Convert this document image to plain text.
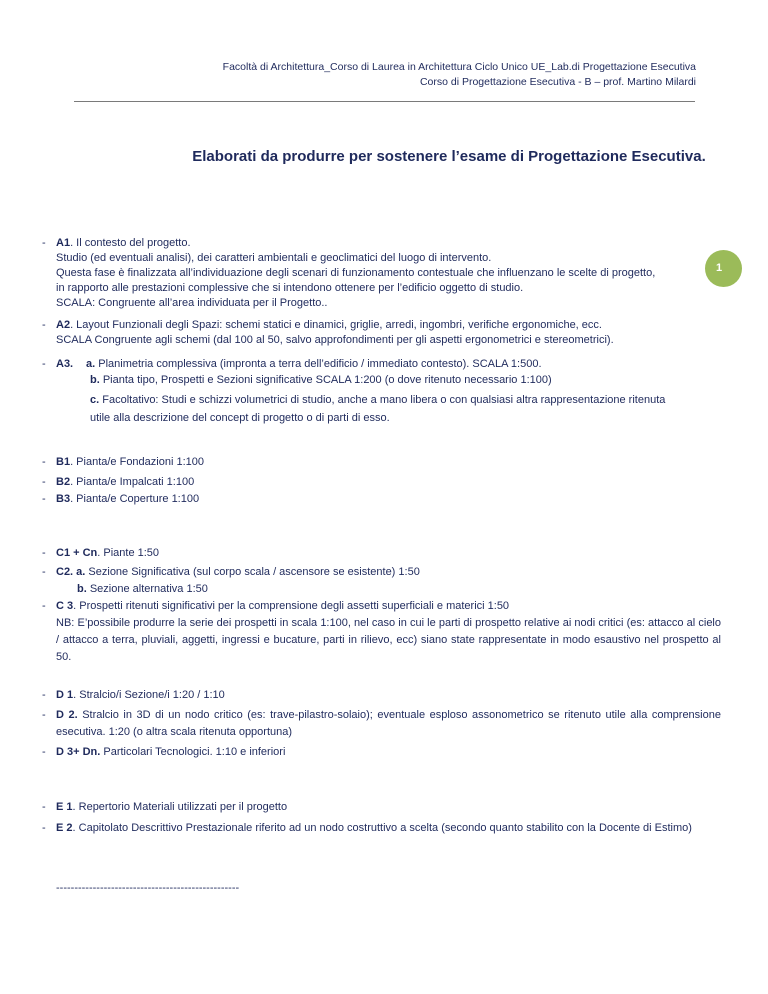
Facoltà di Architettura_Corso di Laurea in Architettura Ciclo Unico UE_Lab.di Progettazione Esecutiva
Corso di Progettazione Esecutiva - B – prof. Martino Milardi
Elaborati da produrre per sostenere l’esame di Progettazione Esecutiva.
1
- A1. Il contesto del progetto.
Studio (ed eventuali analisi), dei caratteri ambientali e geoclimatici del luogo di intervento.
Questa fase è finalizzata all’individuazione degli scenari di funzionamento contestuale che influenzano le scelte di progetto,
in rapporto alle prestazioni complessive che si intendono ottenere per l’edificio oggetto di studio.
SCALA: Congruente all’area individuata per il Progetto..
- A2. Layout Funzionali degli Spazi: schemi statici e dinamici, griglie, arredi, ingombri, verifiche ergonomiche, ecc.
SCALA Congruente agli schemi (dal 100 al 50, salvo approfondimenti per gli aspetti ergonometrici e stereometrici).
- A3. a. Planimetria complessiva (impronta a terra dell’edificio / immediato contesto). SCALA 1:500.
b. Pianta tipo, Prospetti e Sezioni significative SCALA 1:200 (o dove ritenuto necessario 1:100)
c. Facoltativo: Studi e schizzi volumetrici di studio, anche a mano libera o con qualsiasi altra rappresentazione ritenuta
utile alla descrizione del concept di progetto o di parti di esso.
- B1. Pianta/e Fondazioni 1:100
- B2. Pianta/e Impalcati 1:100
- B3. Pianta/e Coperture 1:100
- C1 + Cn. Piante 1:50
- C2. a. Sezione Significativa (sul corpo scala / ascensore se esistente) 1:50
b. Sezione alternativa 1:50
- C 3. Prospetti ritenuti significativi per la comprensione degli assetti superficiali e materici 1:50
NB: E’possibile produrre la serie dei prospetti in scala 1:100, nel caso in cui le parti di prospetto relative ai nodi critici (es: attacco al cielo / attacco a terra, pluviali, aggetti, ingressi e bucature, parti in rilievo, ecc) siano state rappresentate in modo esaustivo nel prospetto al 50.
- D 1. Stralcio/i Sezione/i 1:20 / 1:10
- D 2. Stralcio in 3D di un nodo critico (es: trave-pilastro-solaio); eventuale esploso assonometrico se ritenuto utile alla comprensione esecutiva. 1:20 (o altra scala ritenuta opportuna)
- D 3+ Dn. Particolari Tecnologici. 1:10 e inferiori
- E 1. Repertorio Materiali utilizzati per il progetto
- E 2. Capitolato Descrittivo Prestazionale riferito ad un nodo costruttivo a scelta (secondo quanto stabilito con la Docente di Estimo)
--------------------------------------------------
